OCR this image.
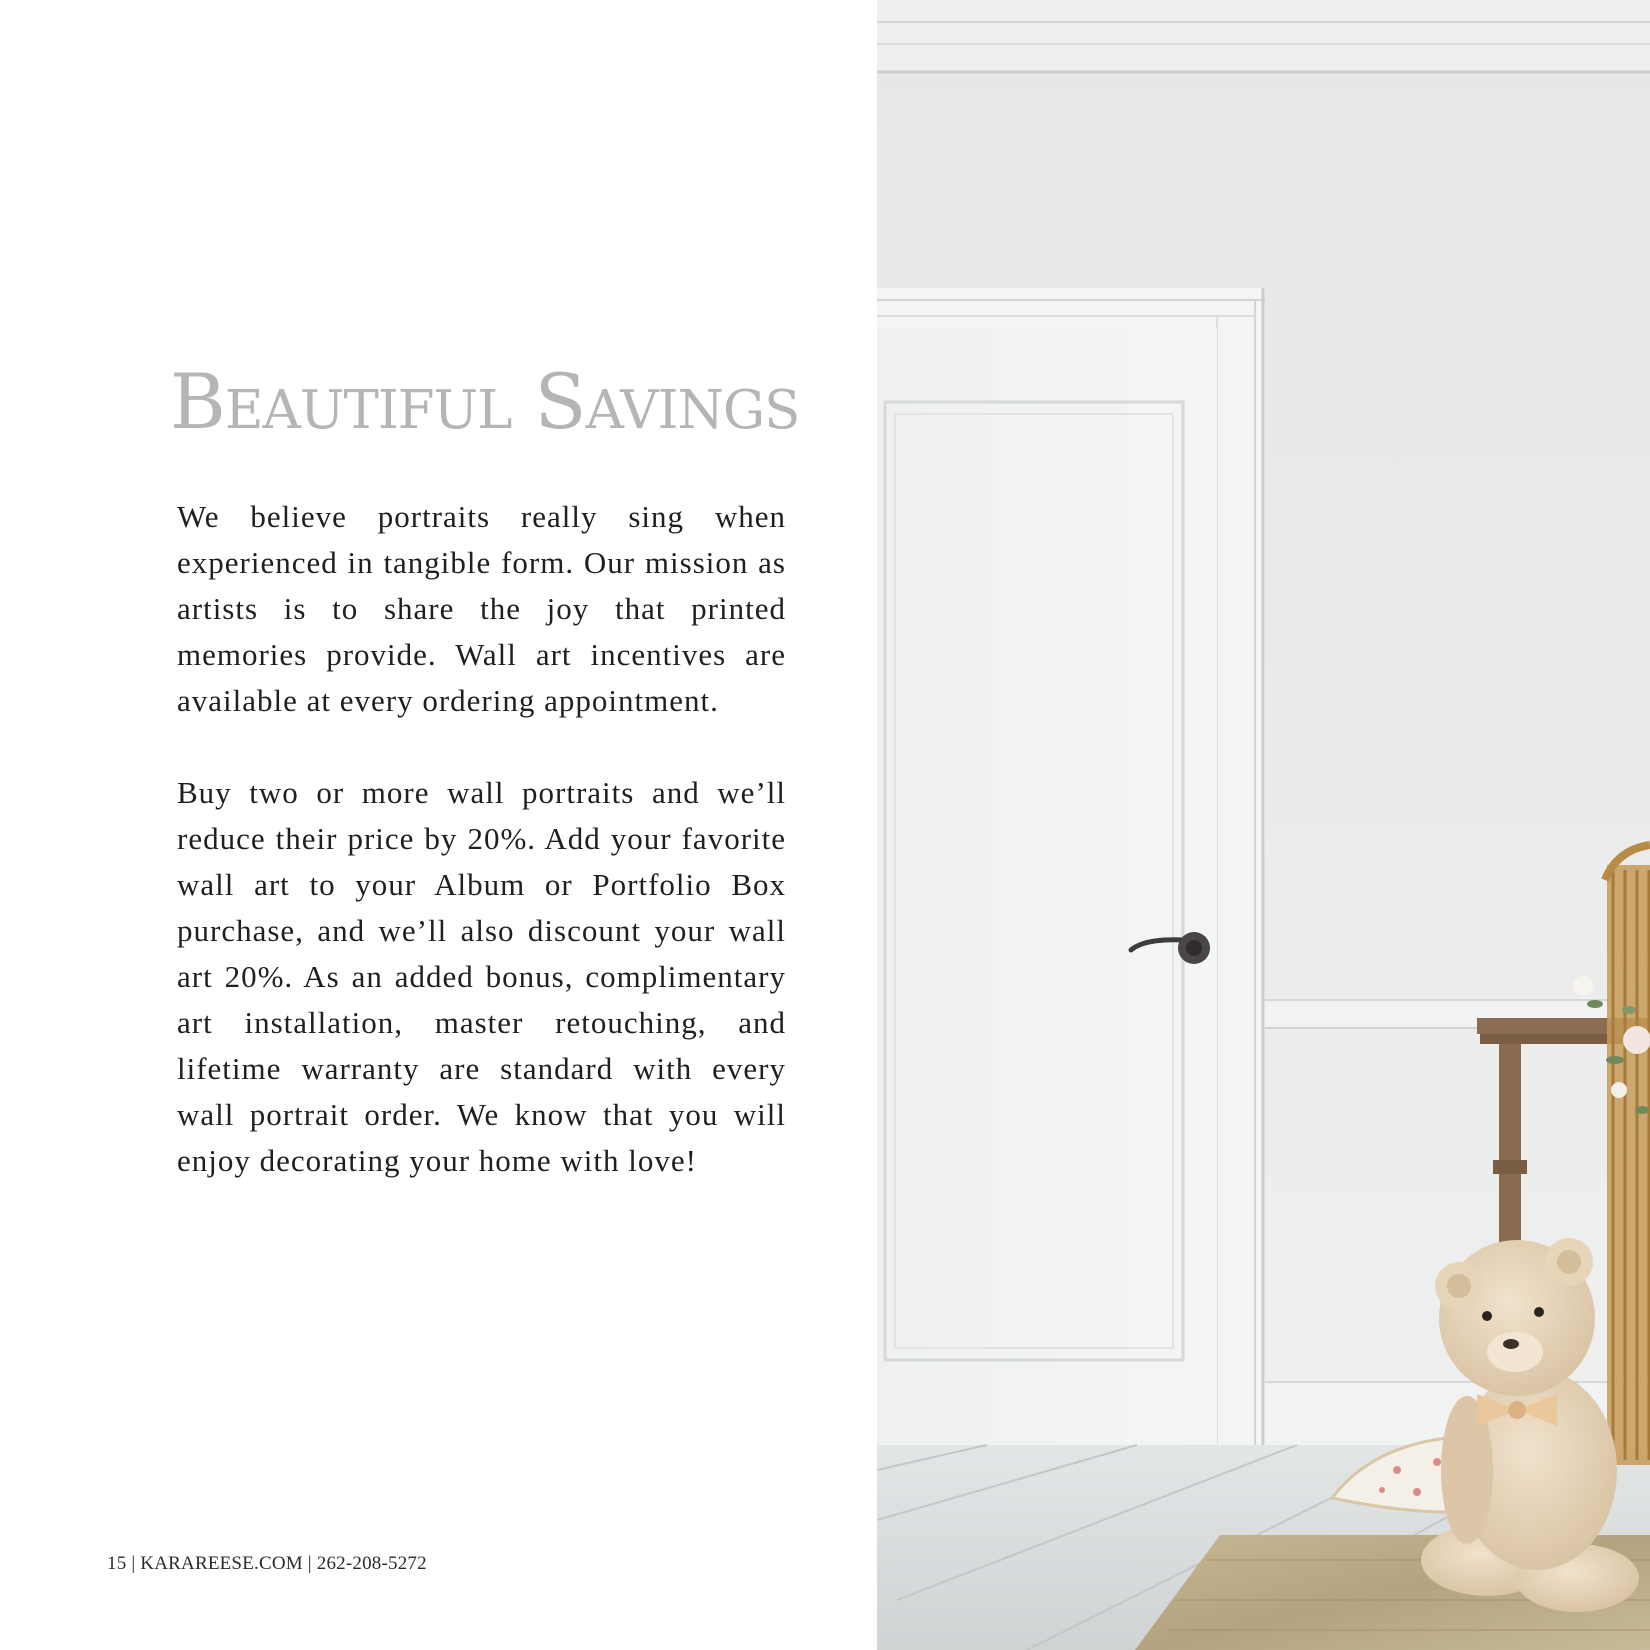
Beautiful Savings

We believe portraits really sing when experienced in tangible form. Our mission as artists is to share the joy that printed memories provide. Wall art incentives are available at every ordering appointment.

Buy two or more wall portraits and we’ll reduce their price by 20%. Add your favorite wall art to your Album or Portfolio Box purchase, and we’ll also discount your wall art 20%. As an added bonus, complimentary art installation, master retouching, and lifetime warranty are standard with every wall portrait order. We know that you will enjoy decorating your home with love!

15 | KARAREESE.COM | 262-208-5272
